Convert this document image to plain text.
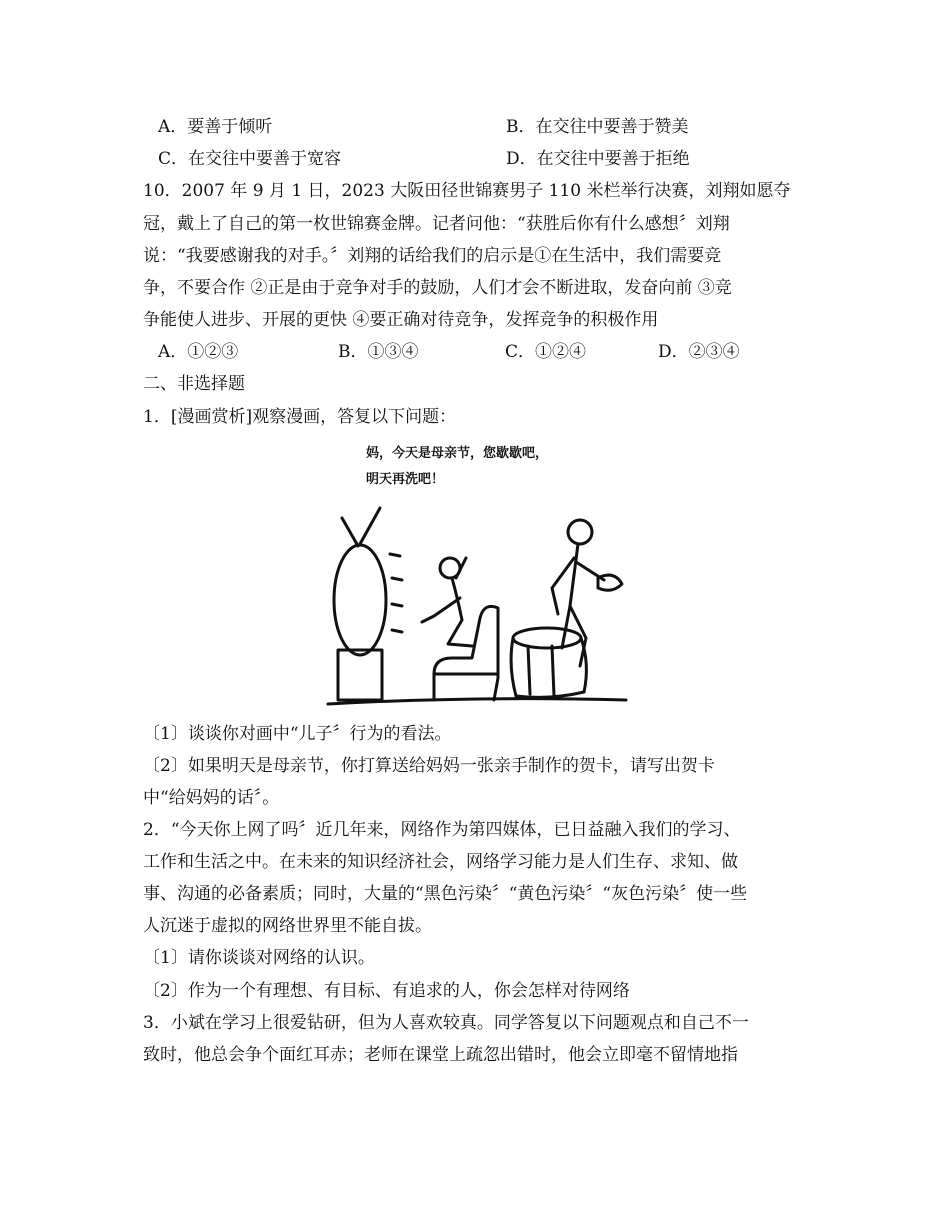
A．要善于倾听	B．在交往中要善于赞美
C．在交往中要善于宽容	D．在交往中要善于拒绝
10．2007 年 9 月 1 日，2023 大阪田径世锦赛男子 110 米栏举行决赛，刘翔如愿夺
冠，戴上了自己的第一枚世锦赛金牌。记者问他：“获胜后你有什么感想〞刘翔
说：“我要感谢我的对手。〞刘翔的话给我们的启示是①在生活中，我们需要竞
争，不要合作 ②正是由于竞争对手的鼓励，人们才会不断进取，发奋向前 ③竞
争能使人进步、开展的更快 ④要正确对待竞争，发挥竞争的积极作用
A．①②③	B．①③④	C．①②④	D．②③④
二、非选择题
1．[漫画赏析]观察漫画，答复以下问题：
妈，今天是母亲节，您歇歇吧，
明天再洗吧！
〔1〕谈谈你对画中“儿子〞行为的看法。
〔2〕如果明天是母亲节，你打算送给妈妈一张亲手制作的贺卡，请写出贺卡
中“给妈妈的话〞。
2．“今天你上网了吗〞近几年来，网络作为第四媒体，已日益融入我们的学习、
工作和生活之中。在未来的知识经济社会，网络学习能力是人们生存、求知、做
事、沟通的必备素质；同时，大量的“黑色污染〞“黄色污染〞“灰色污染〞使一些
人沉迷于虚拟的网络世界里不能自拔。
〔1〕请你谈谈对网络的认识。
〔2〕作为一个有理想、有目标、有追求的人，你会怎样对待网络
3．小斌在学习上很爱钻研，但为人喜欢较真。同学答复以下问题观点和自己不一
致时，他总会争个面红耳赤；老师在课堂上疏忽出错时，他会立即毫不留情地指
